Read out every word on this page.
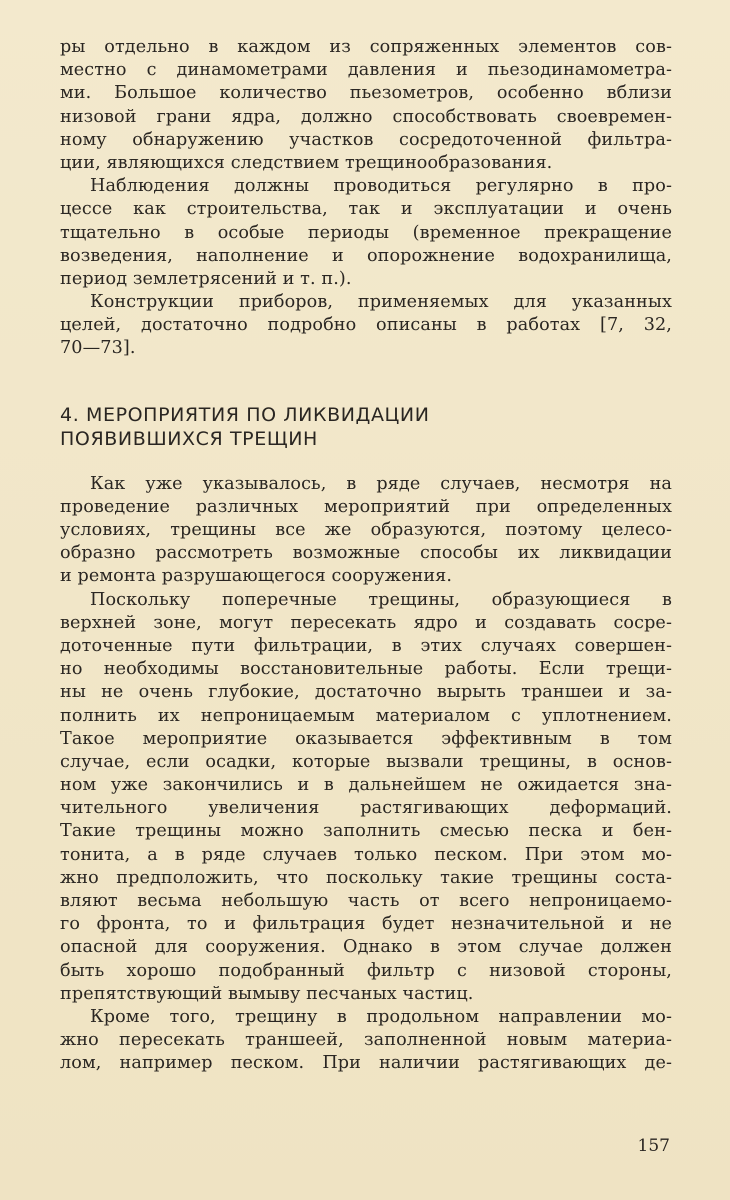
ры отдельно в каждом из сопряженных элементов сов-
местно с динамометрами давления и пьезодинамометра-
ми. Большое количество пьезометров, особенно вблизи
низовой грани ядра, должно способствовать своевремен-
ному обнаружению участков сосредоточенной фильтра-
ции, являющихся следствием трещинообразования.
Наблюдения должны проводиться регулярно в про-
цессе как строительства, так и эксплуатации и очень
тщательно в особые периоды (временное прекращение
возведения, наполнение и опорожнение водохранилища,
период землетрясений и т. п.).
Конструкции приборов, применяемых для указанных
целей, достаточно подробно описаны в работах [7, 32,
70—73].
4. МЕРОПРИЯТИЯ ПО ЛИКВИДАЦИИ
ПОЯВИВШИХСЯ ТРЕЩИН
Как уже указывалось, в ряде случаев, несмотря на
проведение различных мероприятий при определенных
условиях, трещины все же образуются, поэтому целесо-
образно рассмотреть возможные способы их ликвидации
и ремонта разрушающегося сооружения.
Поскольку поперечные трещины, образующиеся в
верхней зоне, могут пересекать ядро и создавать сосре-
доточенные пути фильтрации, в этих случаях совершен-
но необходимы восстановительные работы. Если трещи-
ны не очень глубокие, достаточно вырыть траншеи и за-
полнить их непроницаемым материалом с уплотнением.
Такое мероприятие оказывается эффективным в том
случае, если осадки, которые вызвали трещины, в основ-
ном уже закончились и в дальнейшем не ожидается зна-
чительного увеличения растягивающих деформаций.
Такие трещины можно заполнить смесью песка и бен-
тонита, а в ряде случаев только песком. При этом мо-
жно предположить, что поскольку такие трещины соста-
вляют весьма небольшую часть от всего непроницаемо-
го фронта, то и фильтрация будет незначительной и не
опасной для сооружения. Однако в этом случае должен
быть хорошо подобранный фильтр с низовой стороны,
препятствующий вымыву песчаных частиц.
Кроме того, трещину в продольном направлении мо-
жно пересекать траншеей, заполненной новым материа-
лом, например песком. При наличии растягивающих де-
157
